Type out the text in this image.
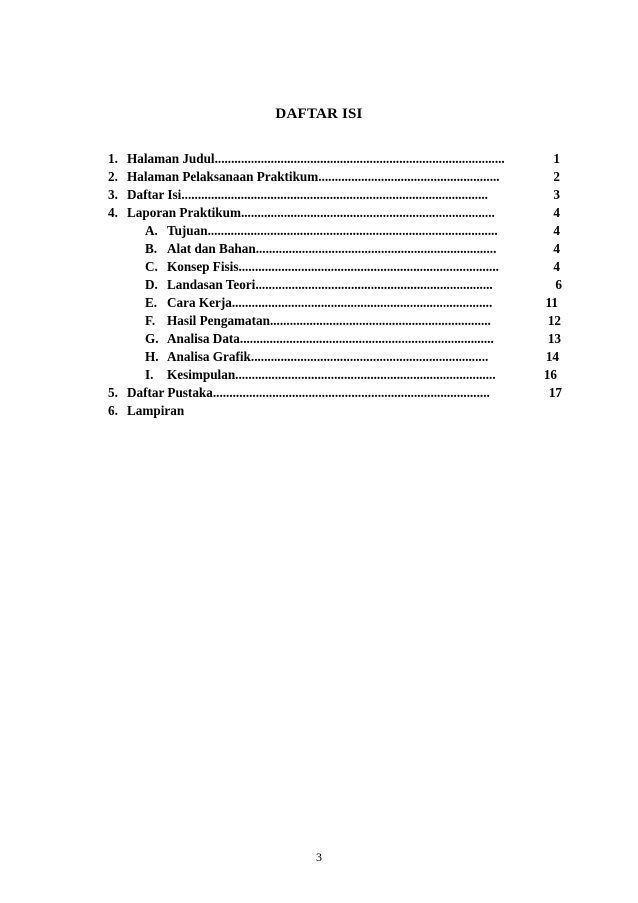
DAFTAR ISI
1. Halaman Judul........................................................................................	1
2. Halaman Pelaksanaan Praktikum.......................................................	2
3. Daftar Isi.............................................................................................	3
4. Laporan Praktikum.............................................................................	4
A. Tujuan........................................................................................	4
B. Alat dan Bahan.........................................................................	4
C. Konsep Fisis...............................................................................	4
D. Landasan Teori........................................................................	6
E. Cara Kerja...............................................................................	11
F. Hasil Pengamatan...................................................................	12
G. Analisa Data.............................................................................	13
H. Analisa Grafik........................................................................	14
I. Kesimpulan...............................................................................	16
5. Daftar Pustaka....................................................................................	17
6. Lampiran
3
